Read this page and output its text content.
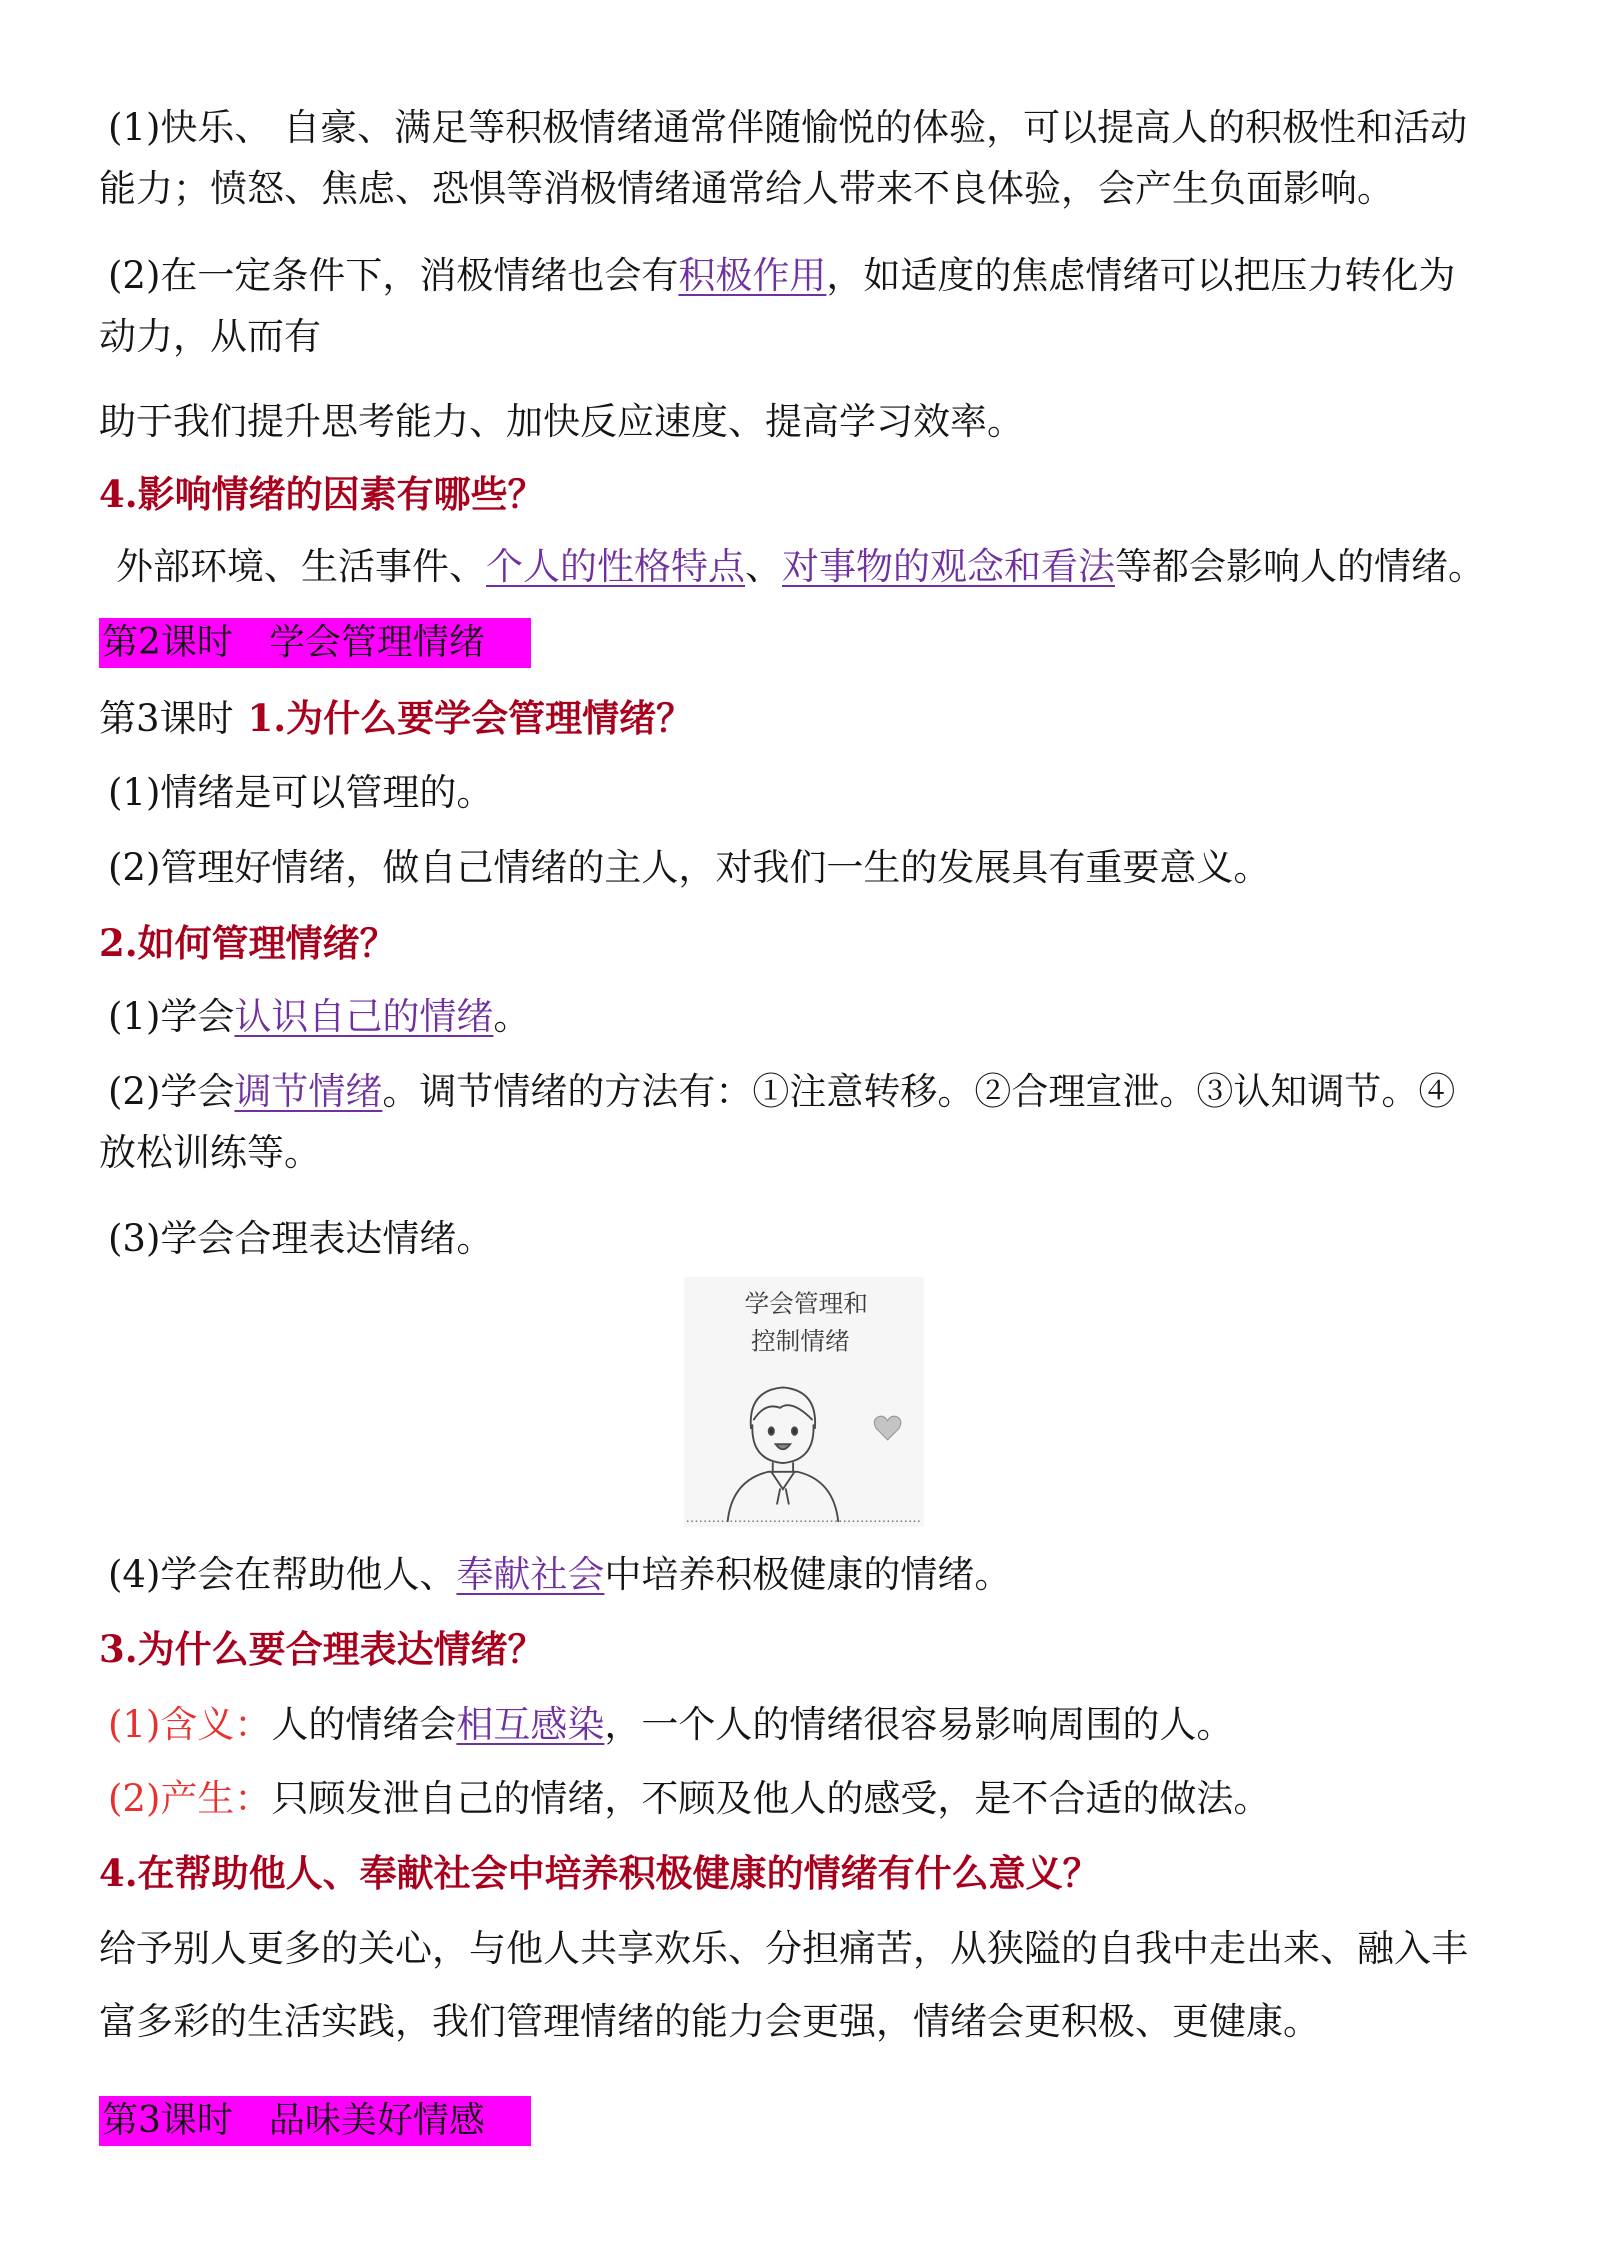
(1)快乐、 自豪、满足等积极情绪通常伴随愉悦的体验，可以提高人的积极性和活动
能力；愤怒、焦虑、恐惧等消极情绪通常给人带来不良体验，会产生负面影响。
(2)在一定条件下，消极情绪也会有积极作用，如适度的焦虑情绪可以把压力转化为
动力，从而有
助于我们提升思考能力、加快反应速度、提高学习效率。
4.影响情绪的因素有哪些？
外部环境、生活事件、个人的性格特点、对事物的观念和看法等都会影响人的情绪。
第2课时　学会管理情绪
第3课时 1.为什么要学会管理情绪？
(1)情绪是可以管理的。
(2)管理好情绪，做自己情绪的主人，对我们一生的发展具有重要意义。
2.如何管理情绪？
(1)学会认识自己的情绪。
(2)学会调节情绪。调节情绪的方法有：①注意转移。②合理宣泄。③认知调节。④
放松训练等。
(3)学会合理表达情绪。
学会管理和
控制情绪
(4)学会在帮助他人、奉献社会中培养积极健康的情绪。
3.为什么要合理表达情绪？
(1)含义：人的情绪会相互感染，一个人的情绪很容易影响周围的人。
(2)产生：只顾发泄自己的情绪，不顾及他人的感受，是不合适的做法。
4.在帮助他人、奉献社会中培养积极健康的情绪有什么意义？
给予别人更多的关心，与他人共享欢乐、分担痛苦，从狭隘的自我中走出来、融入丰
富多彩的生活实践，我们管理情绪的能力会更强，情绪会更积极、更健康。
第3课时　品味美好情感
